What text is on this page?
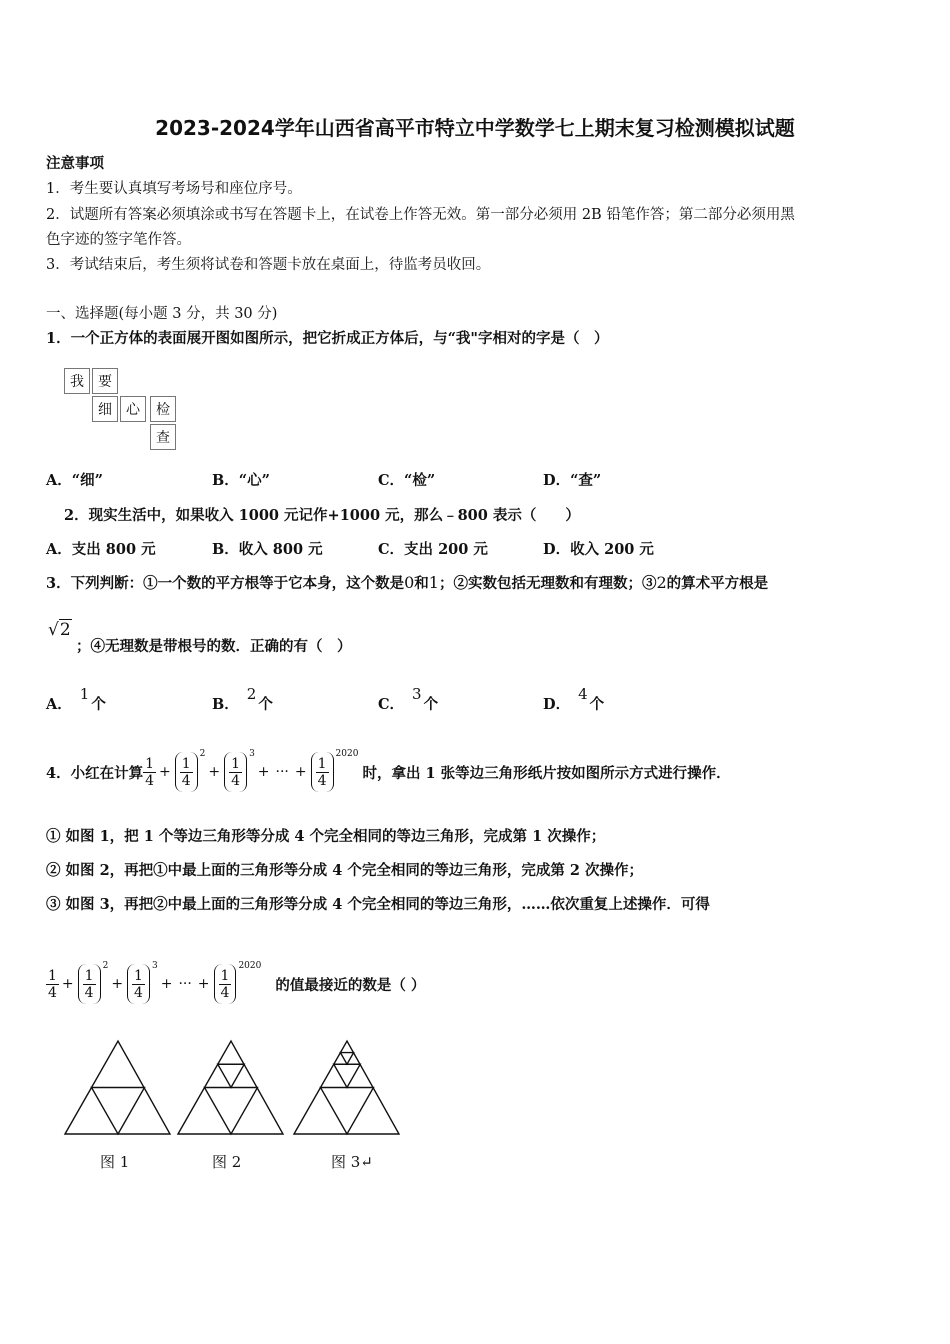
2023-2024学年山西省高平市特立中学数学七上期末复习检测模拟试题
注意事项
1．考生要认真填写考场号和座位序号。
2．试题所有答案必须填涂或书写在答题卡上，在试卷上作答无效。第一部分必须用 2B 铅笔作答；第二部分必须用黑
色字迹的签字笔作答。
3．考试结束后，考生须将试卷和答题卡放在桌面上，待监考员收回。
一、选择题(每小题 3 分，共 30 分)
1．一个正方体的表面展开图如图所示，把它折成正方体后，与“我"字相对的字是（　）
我	要
细	心	检
查
A．“细”	B．“心”	C．“检”	D．“查”
2．现实生活中，如果收入 1000 元记作+1000 元，那么﹣800 表示（　　）
A．支出 800 元	B．收入 800 元	C．支出 200 元	D．收入 200 元
3．下列判断：①一个数的平方根等于它本身，这个数是0和1；②实数包括无理数和有理数；③2的算术平方根是
√2
；④无理数是带根号的数．正确的有（　）
A．1个	B．2个	C．3个	D．4个
4．小红在计算 $\frac{1}{4} + \frac{1}{4}$
2
+ $\frac{1}{4}$
3
+ ··· + $\frac{1}{4}$
2020
时，拿出 1 张等边三角形纸片按如图所示方式进行操作．
① 如图 1，把 1 个等边三角形等分成 4 个完全相同的等边三角形，完成第 1 次操作；
② 如图 2，再把①中最上面的三角形等分成 4 个完全相同的等边三角形，完成第 2 次操作；
③ 如图 3，再把②中最上面的三角形等分成 4 个完全相同的等边三角形，……依次重复上述操作．可得
$\frac{1}{4} + \frac{1}{4}$
2
+ $\frac{1}{4}$
3
+ ··· + $\frac{1}{4}$
2020
的值最接近的数是（ ）
图 1	图 2	图 3↵
